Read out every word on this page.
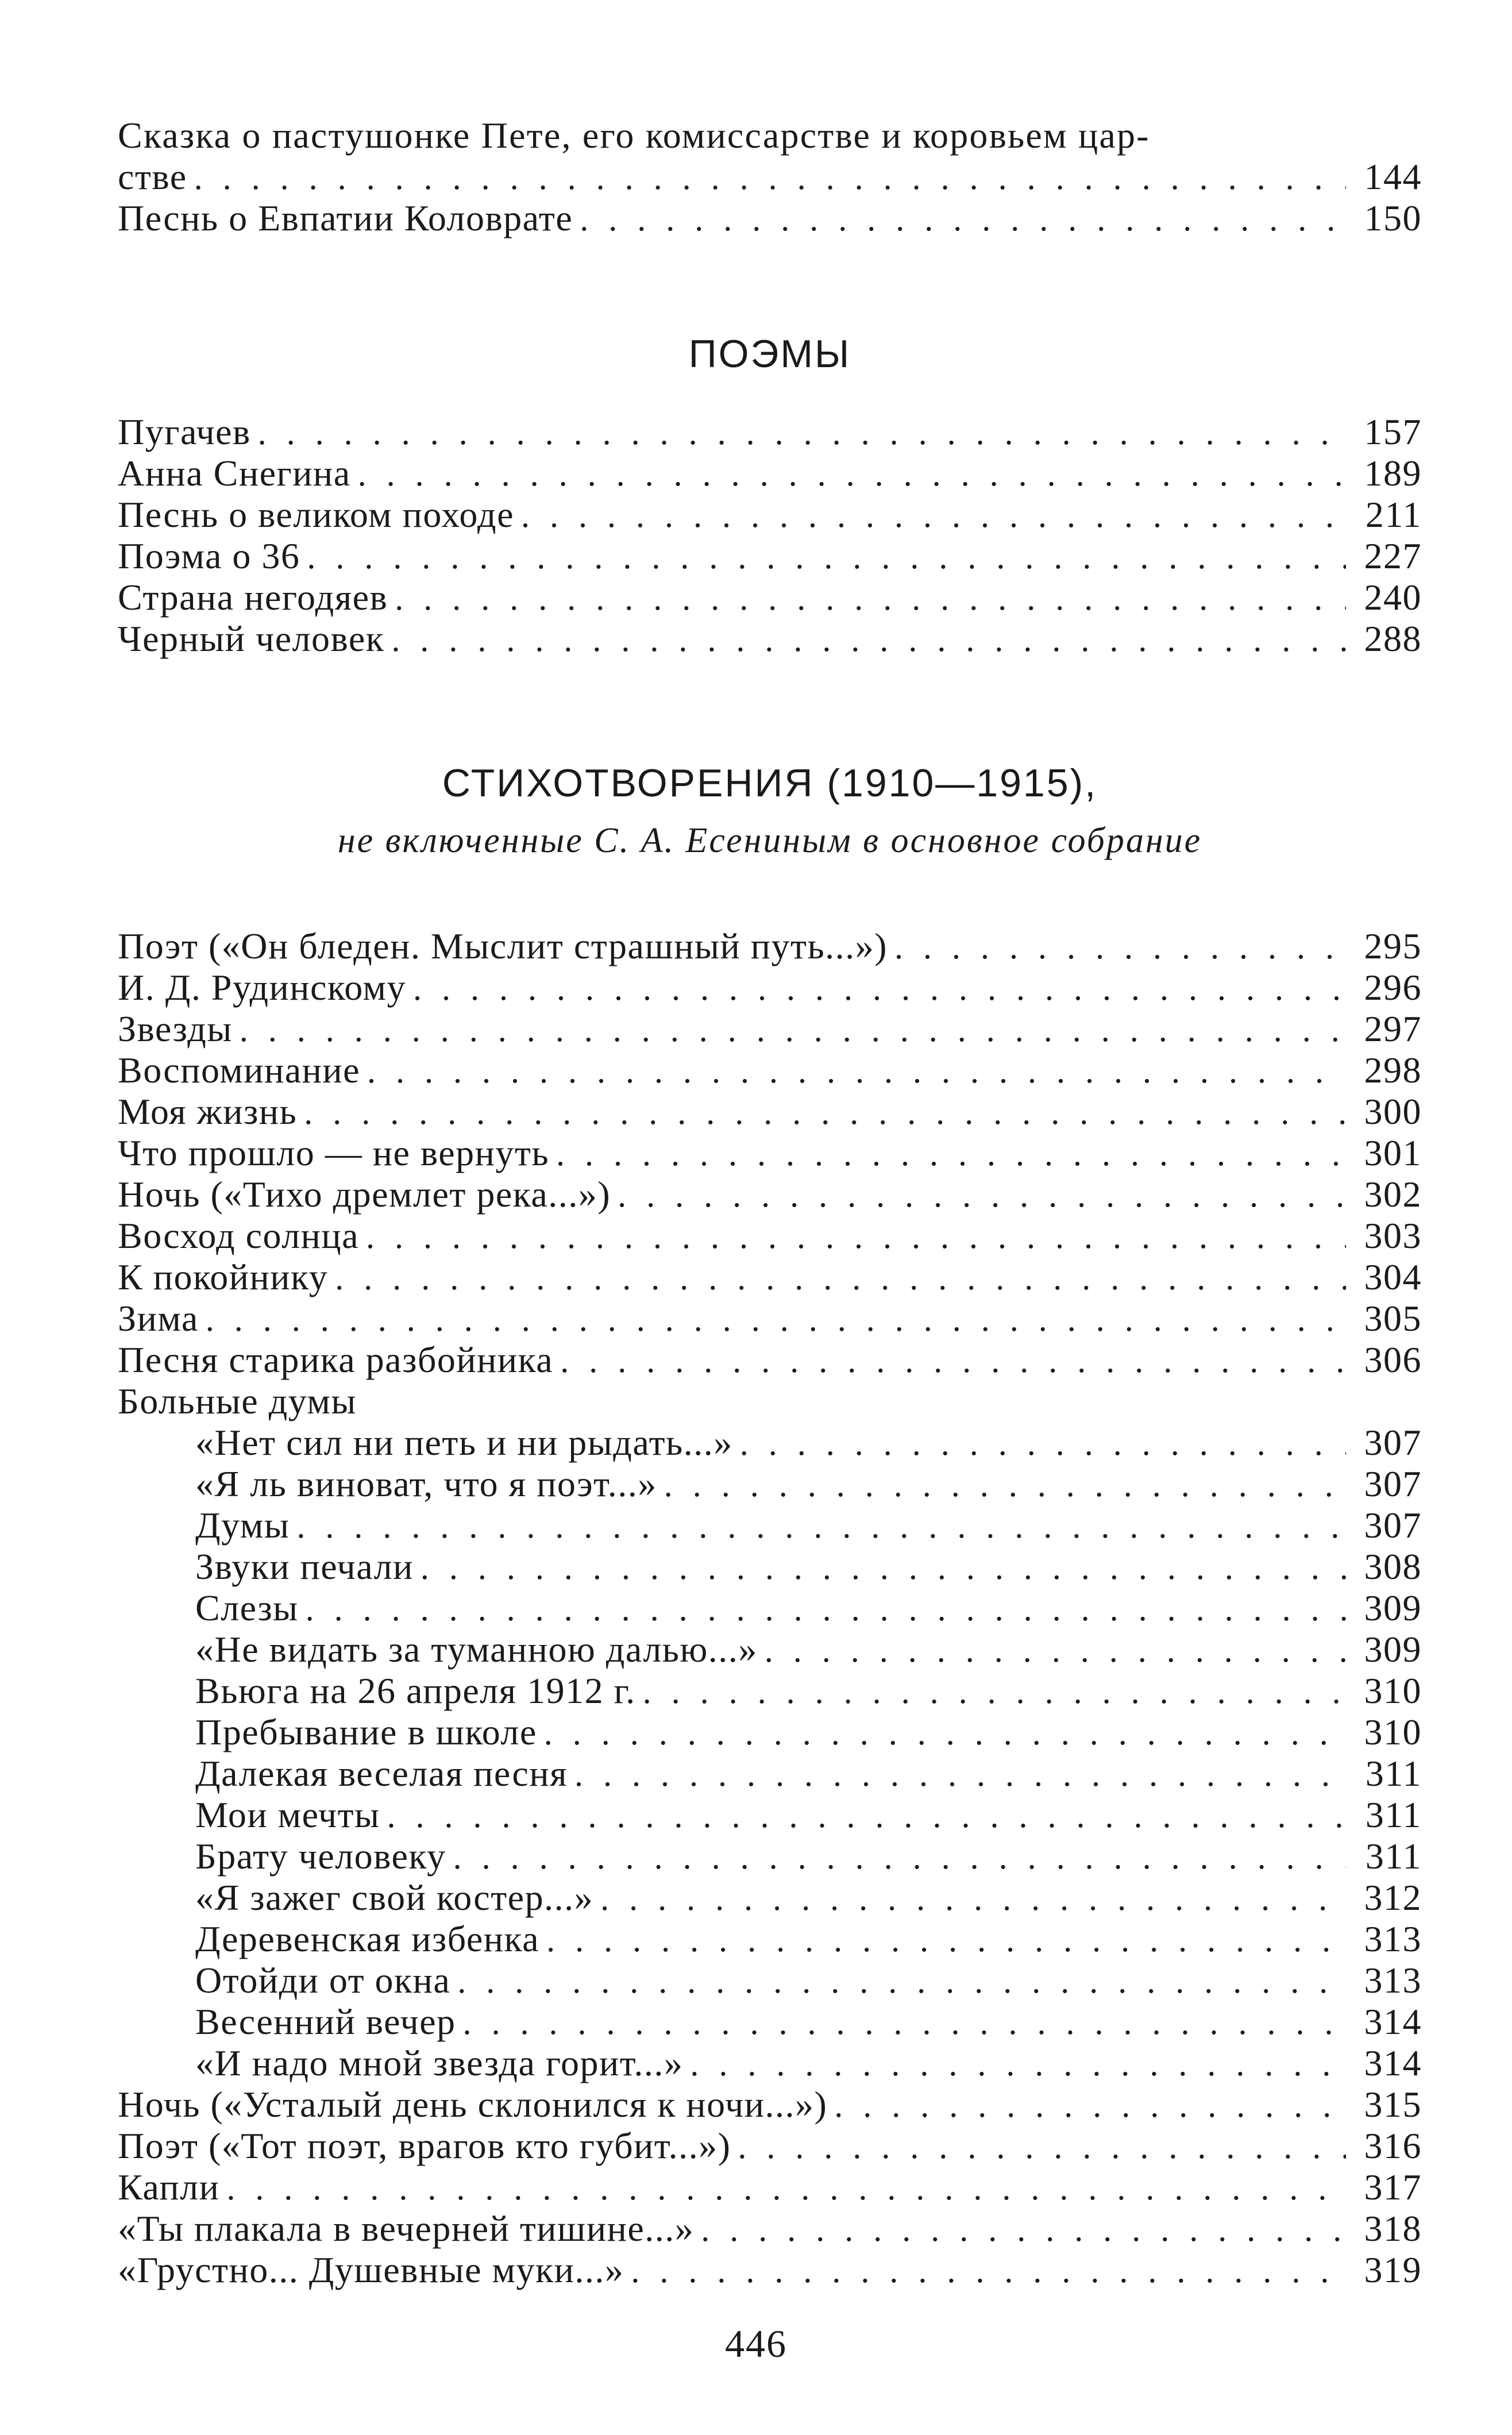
Сказка о пастушонке Пете, его комиссарстве и коровьем цар-
стве . . .	144
Песнь о Евпатии Коловрате . . .	150
ПОЭМЫ
Пугачев . . .	157
Анна Снегина . . .	189
Песнь о великом походе . . .	211
Поэма о 36 . . .	227
Страна негодяев . . .	240
Черный человек . . .	288
СТИХОТВОРЕНИЯ (1910—1915),
не включенные С. А. Есениным в основное собрание
Поэт («Он бледен. Мыслит страшный путь...») . . .	295
И. Д. Рудинскому . . .	296
Звезды . . .	297
Воспоминание . . .	298
Моя жизнь . . .	300
Что прошло — не вернуть . . .	301
Ночь («Тихо дремлет река...») . . .	302
Восход солнца . . .	303
К покойнику . . .	304
Зима . . .	305
Песня старика разбойника . . .	306
Больные думы
«Нет сил ни петь и ни рыдать...» . . .	307
«Я ль виноват, что я поэт...» . . .	307
Думы . . .	307
Звуки печали . . .	308
Слезы . . .	309
«Не видать за туманною далью...» . . .	309
Вьюга на 26 апреля 1912 г. . . .	310
Пребывание в школе . . .	310
Далекая веселая песня . . .	311
Мои мечты . . .	311
Брату человеку . . .	311
«Я зажег свой костер...» . . .	312
Деревенская избенка . . .	313
Отойди от окна . . .	313
Весенний вечер . . .	314
«И надо мной звезда горит...» . . .	314
Ночь («Усталый день склонился к ночи...») . . .	315
Поэт («Тот поэт, врагов кто губит...») . . .	316
Капли . . .	317
«Ты плакала в вечерней тишине...» . . .	318
«Грустно... Душевные муки...» . . .	319
446
